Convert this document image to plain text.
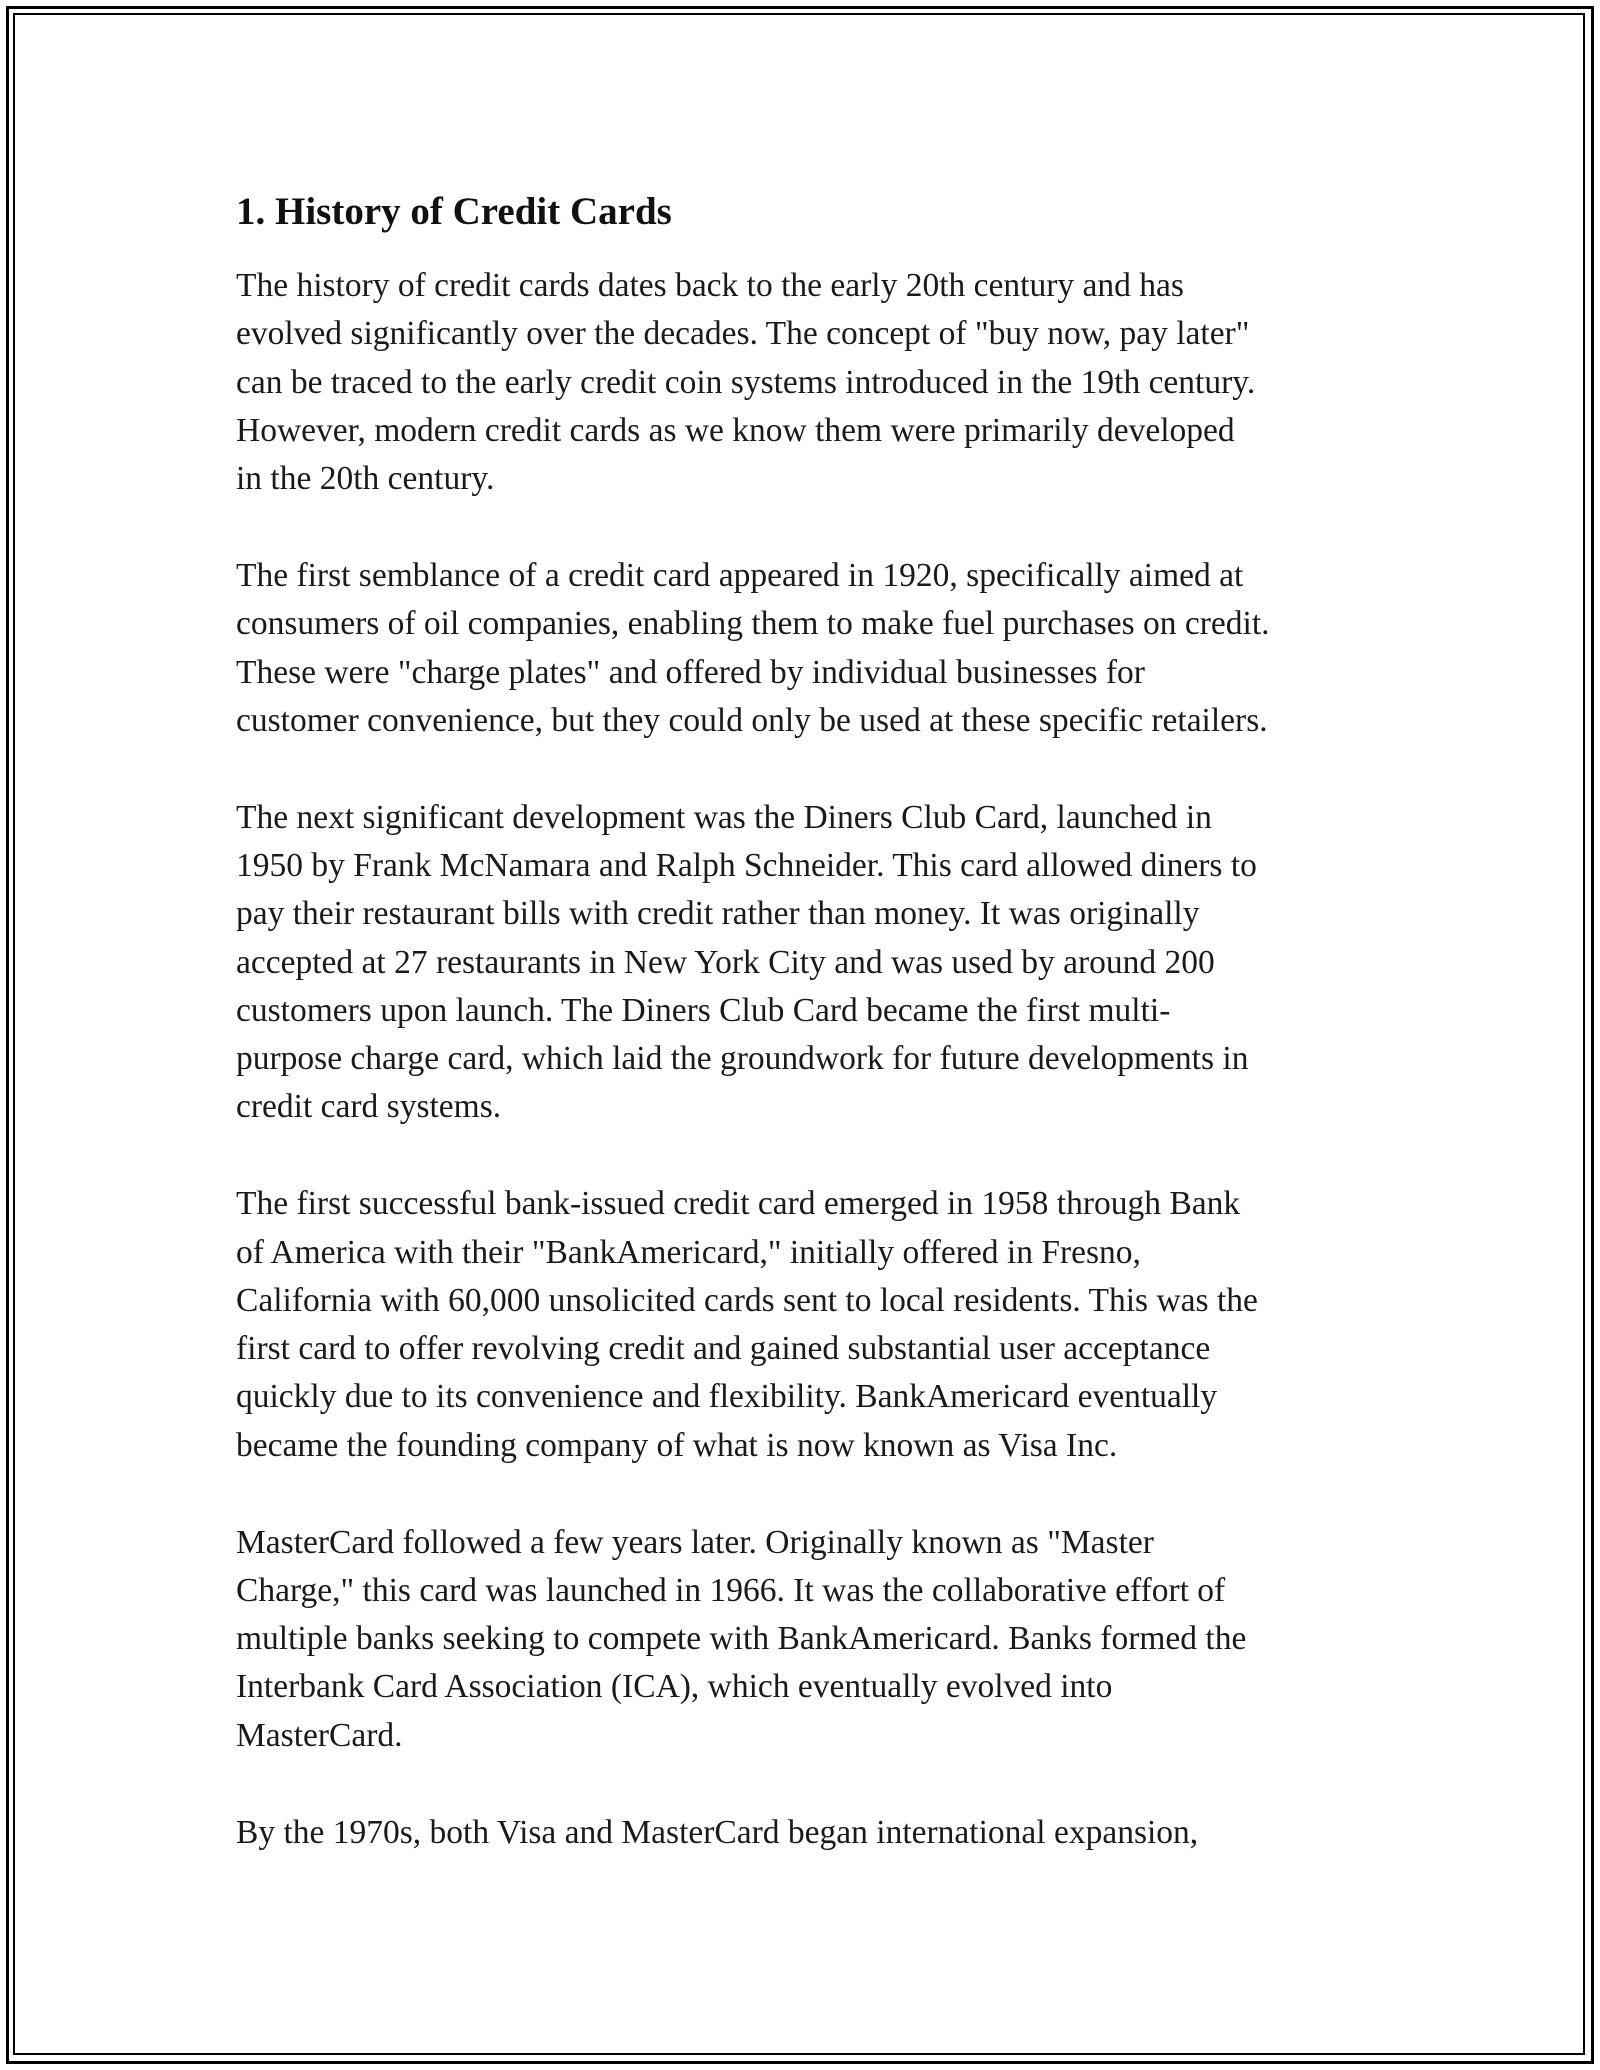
1. History of Credit Cards
The history of credit cards dates back to the early 20th century and has
evolved significantly over the decades. The concept of "buy now, pay later"
can be traced to the early credit coin systems introduced in the 19th century.
However, modern credit cards as we know them were primarily developed
in the 20th century.
The first semblance of a credit card appeared in 1920, specifically aimed at
consumers of oil companies, enabling them to make fuel purchases on credit.
These were "charge plates" and offered by individual businesses for
customer convenience, but they could only be used at these specific retailers.
The next significant development was the Diners Club Card, launched in
1950 by Frank McNamara and Ralph Schneider. This card allowed diners to
pay their restaurant bills with credit rather than money. It was originally
accepted at 27 restaurants in New York City and was used by around 200
customers upon launch. The Diners Club Card became the first multi-
purpose charge card, which laid the groundwork for future developments in
credit card systems.
The first successful bank-issued credit card emerged in 1958 through Bank
of America with their "BankAmericard," initially offered in Fresno,
California with 60,000 unsolicited cards sent to local residents. This was the
first card to offer revolving credit and gained substantial user acceptance
quickly due to its convenience and flexibility. BankAmericard eventually
became the founding company of what is now known as Visa Inc.
MasterCard followed a few years later. Originally known as "Master
Charge," this card was launched in 1966. It was the collaborative effort of
multiple banks seeking to compete with BankAmericard. Banks formed the
Interbank Card Association (ICA), which eventually evolved into
MasterCard.
By the 1970s, both Visa and MasterCard began international expansion,
